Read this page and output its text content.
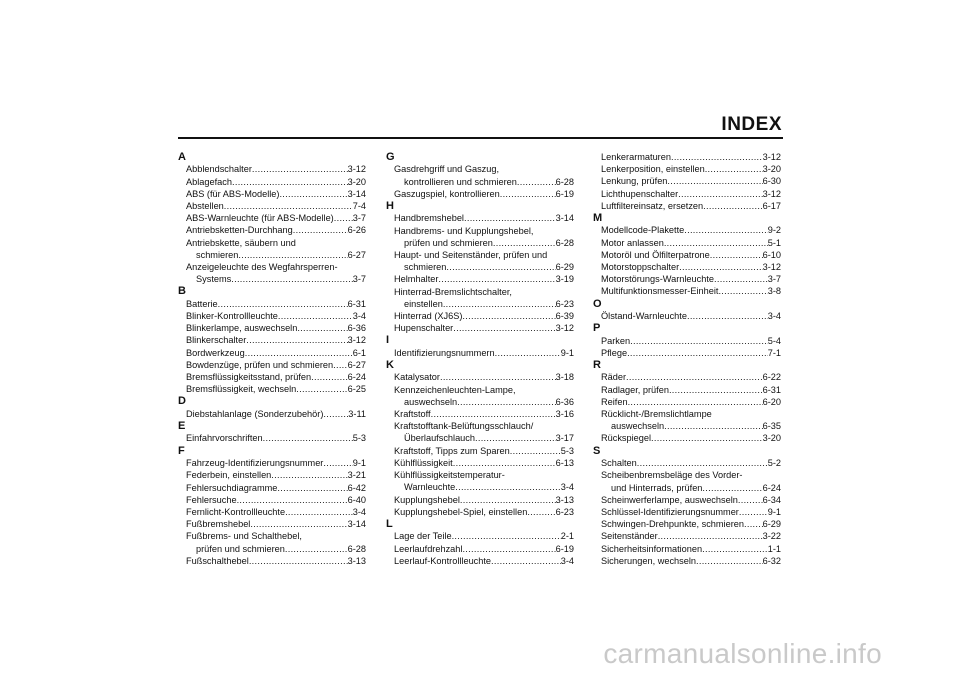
INDEX
A
Abblendschalter .....	3-12
Ablagefach .....	3-20
ABS (für ABS-Modelle) .....	3-14
Abstellen .....	7-4
ABS-Warnleuchte (für ABS-Modelle) ..... 3-7
Antriebsketten-Durchhang .....	6-26
Antriebskette, säubern und
schmieren .....	6-27
Anzeigeleuchte des Wegfahrsperren-
Systems .....	3-7
B
Batterie .....	6-31
Blinker-Kontrollleuchte .....	3-4
Blinkerlampe, auswechseln .....	6-36
Blinkerschalter .....	3-12
Bordwerkzeug .....	6-1
Bowdenzüge, prüfen und schmieren ..... 6-27
Bremsflüssigkeitsstand, prüfen .....	6-24
Bremsflüssigkeit, wechseln .....	6-25
D
Diebstahlanlage (Sonderzubehör) .....	3-11
E
Einfahrvorschriften .....	5-3
F
Fahrzeug-Identifizierungsnummer .....	9-1
Federbein, einstellen .....	3-21
Fehlersuchdiagramme .....	6-42
Fehlersuche .....	6-40
Fernlicht-Kontrollleuchte .....	3-4
Fußbremshebel .....	3-14
Fußbrems- und Schalthebel,
prüfen und schmieren .....	6-28
Fußschalthebel .....	3-13
G
Gasdrehgriff und Gaszug,
kontrollieren und schmieren .....	6-28
Gaszugspiel, kontrollieren .....	6-19
H
Handbremshebel .....	3-14
Handbrems- und Kupplungshebel,
prüfen und schmieren .....	6-28
Haupt- und Seitenständer, prüfen und
schmieren .....	6-29
Helmhalter .....	3-19
Hinterrad-Bremslichtschalter,
einstellen .....	6-23
Hinterrad (XJ6S) .....	6-39
Hupenschalter .....	3-12
I
Identifizierungsnummern .....	9-1
K
Katalysator .....	3-18
Kennzeichenleuchten-Lampe,
auswechseln .....	6-36
Kraftstoff .....	3-16
Kraftstofftank-Belüftungsschlauch/
Überlaufschlauch .....	3-17
Kraftstoff, Tipps zum Sparen .....	5-3
Kühlflüssigkeit .....	6-13
Kühlflüssigkeitstemperatur-
Warnleuchte .....	3-4
Kupplungshebel .....	3-13
Kupplungshebel-Spiel, einstellen .....	6-23
L
Lage der Teile .....	2-1
Leerlaufdrehzahl .....	6-19
Leerlauf-Kontrollleuchte .....	3-4
Lenkerarmaturen .....	3-12
Lenkerposition, einstellen .....	3-20
Lenkung, prüfen .....	6-30
Lichthupenschalter .....	3-12
Luftfiltereinsatz, ersetzen .....	6-17
M
Modellcode-Plakette .....	9-2
Motor anlassen .....	5-1
Motoröl und Ölfilterpatrone .....	6-10
Motorstoppschalter .....	3-12
Motorstörungs-Warnleuchte .....	3-7
Multifunktionsmesser-Einheit .....	3-8
O
Ölstand-Warnleuchte .....	3-4
P
Parken .....	5-4
Pflege .....	7-1
R
Räder .....	6-22
Radlager, prüfen .....	6-31
Reifen .....	6-20
Rücklicht-/Bremslichtlampe
auswechseln .....	6-35
Rückspiegel .....	3-20
S
Schalten .....	5-2
Scheibenbremsbeläge des Vorder-
und Hinterrads, prüfen .....	6-24
Scheinwerferlampe, auswechseln .....	6-34
Schlüssel-Identifizierungsnummer .....	9-1
Schwingen-Drehpunkte, schmieren ..... 6-29
Seitenständer .....	3-22
Sicherheitsinformationen .....	1-1
Sicherungen, wechseln .....	6-32
carmanualsonline.info
